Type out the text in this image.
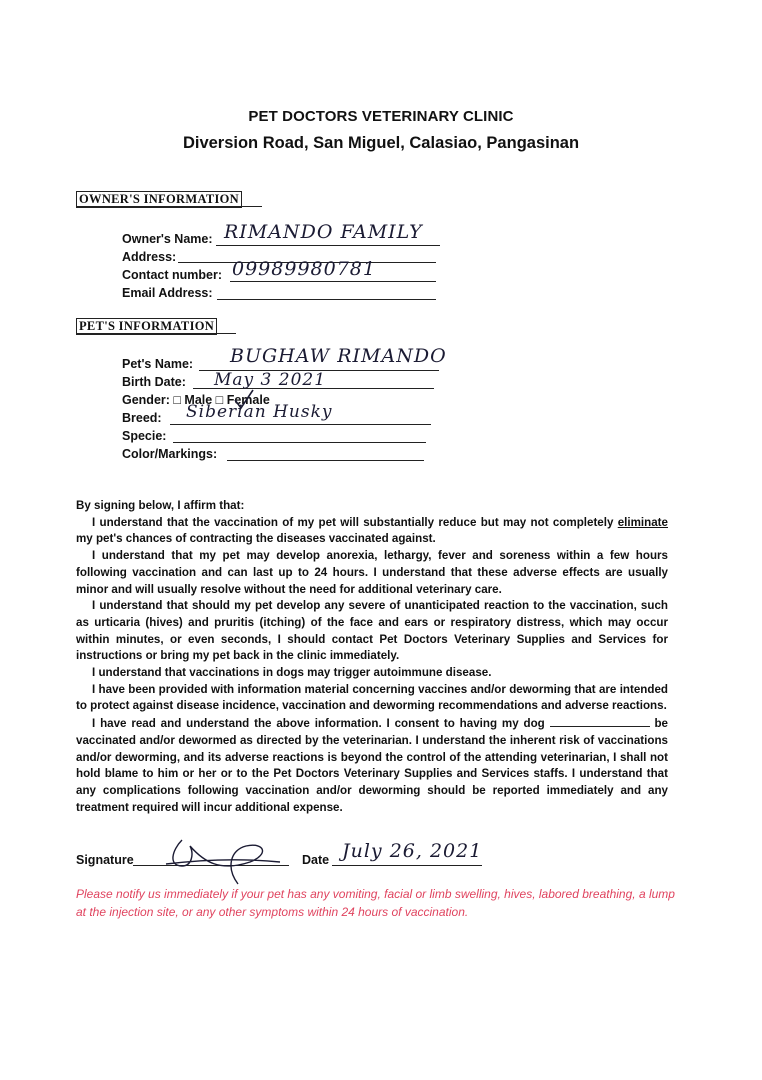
PET DOCTORS VETERINARY CLINIC
Diversion Road, San Miguel, Calasiao, Pangasinan
OWNER'S INFORMATION
Owner's Name: RIMANDO FAMILY
Address:
Contact number: 09989980781
Email Address:
PET'S INFORMATION
Pet's Name: BUGHAW RIMANDO
Birth Date: May 3 2021
Gender: □ Male □ Female
Breed: Siberian Husky
Specie:
Color/Markings:

By signing below, I affirm that:

I understand that the vaccination of my pet will substantially reduce but may not completely eliminate my pet's chances of contracting the diseases vaccinated against.

I understand that my pet may develop anorexia, lethargy, fever and soreness within a few hours following vaccination and can last up to 24 hours. I understand that these adverse effects are usually minor and will usually resolve without the need for additional veterinary care.

I understand that should my pet develop any severe of unanticipated reaction to the vaccination, such as urticaria (hives) and pruritis (itching) of the face and ears or respiratory distress, which may occur within minutes, or even seconds, I should contact Pet Doctors Veterinary Supplies and Services for instructions or bring my pet back in the clinic immediately.

I understand that vaccinations in dogs may trigger autoimmune disease.

I have been provided with information material concerning vaccines and/or deworming that are intended to protect against disease incidence, vaccination and deworming recommendations and adverse reactions.

I have read and understand the above information. I consent to having my dog	be vaccinated and/or dewormed as directed by the veterinarian. I understand the inherent risk of vaccinations and/or deworming, and its adverse reactions is beyond the control of the attending veterinarian, I shall not hold blame to him or her or to the Pet Doctors Veterinary Supplies and Services staffs. I understand that any complications following vaccination and/or deworming should be reported immediately and any treatment required will incur additional expense.

Signature	Date July 26, 2021
Please notify us immediately if your pet has any vomiting, facial or limb swelling, hives, labored breathing, a lump at the injection site, or any other symptoms within 24 hours of vaccination.
